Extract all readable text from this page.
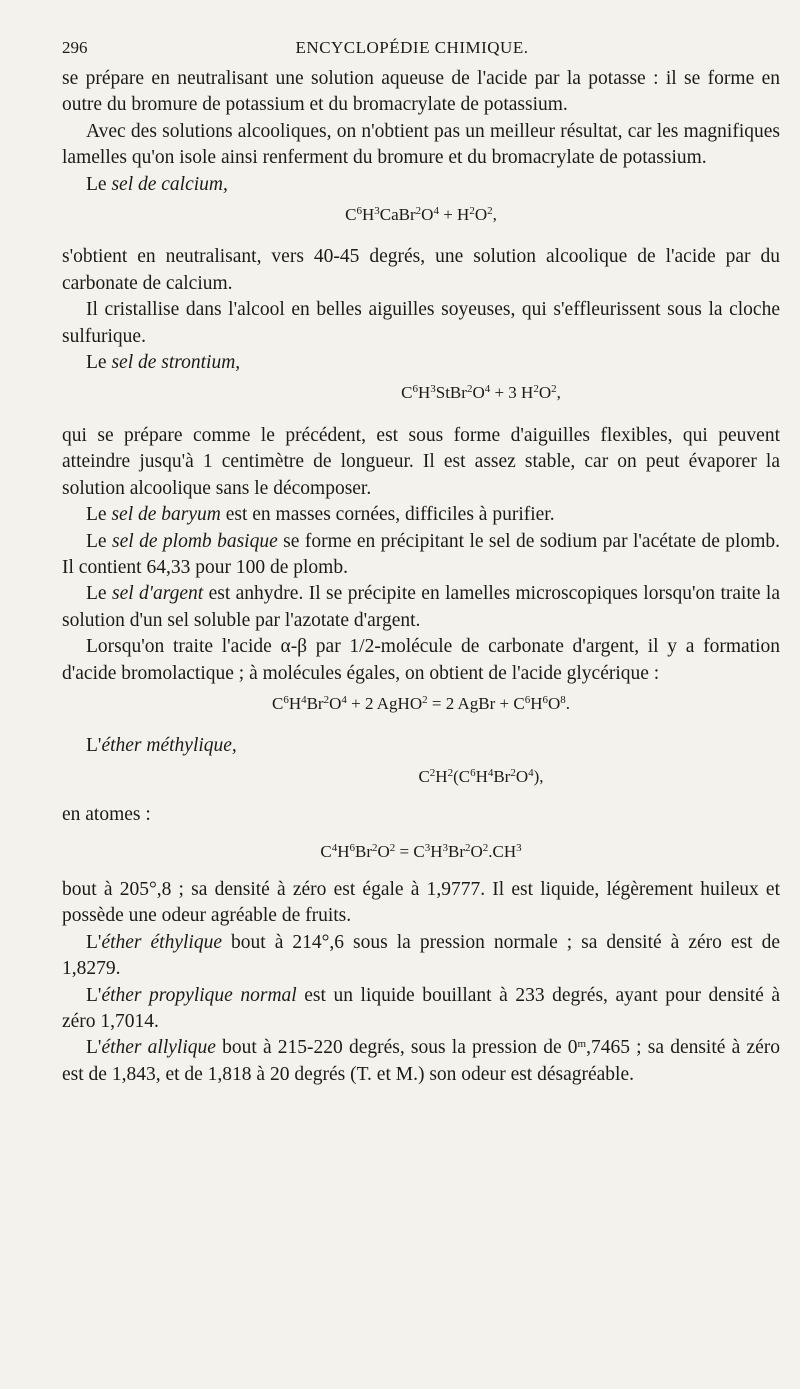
296	ENCYCLOPÉDIE CHIMIQUE.

se prépare en neutralisant une solution aqueuse de l'acide par la potasse : il se forme en outre du bromure de potassium et du bromacrylate de potassium.

Avec des solutions alcooliques, on n'obtient pas un meilleur résultat, car les magnifiques lamelles qu'on isole ainsi renferment du bromure et du bromacrylate de potassium.

Le sel de calcium,

$C^6H^3CaBr^2O^4 + H^2O^2$,

s'obtient en neutralisant, vers 40-45 degrés, une solution alcoolique de l'acide par du carbonate de calcium.

Il cristallise dans l'alcool en belles aiguilles soyeuses, qui s'effleurissent sous la cloche sulfurique.

Le sel de strontium,

$C^6H^3StBr^2O^4 + 3$ $H^2O^2$,

qui se prépare comme le précédent, est sous forme d'aiguilles flexibles, qui peuvent atteindre jusqu'à 1 centimètre de longueur. Il est assez stable, car on peut évaporer la solution alcoolique sans le décomposer.

Le sel de baryum est en masses cornées, difficiles à purifier.

Le sel de plomb basique se forme en précipitant le sel de sodium par l'acétate de plomb. Il contient 64,33 pour 100 de plomb.

Le sel d'argent est anhydre. Il se précipite en lamelles microscopiques lorsqu'on traite la solution d'un sel soluble par l'azotate d'argent.

Lorsqu'on traite l'acide α-β par 1/2-molécule de carbonate d'argent, il y a formation d'acide bromolactique ; à molécules égales, on obtient de l'acide glycérique :

$C^6H^4Br^2O^4 + 2$ AgHO$^2$ = 2 AgBr + $C^6H^6O^8$.

L'éther méthylique,

$C^2H^2(C^6H^4Br^2O^4)$,

en atomes :

$C^4H^6Br^2O^2 = C^3H^3Br^2O^2.CH^3$

bout à 205°,8 ; sa densité à zéro est égale à 1,9777. Il est liquide, légèrement huileux et possède une odeur agréable de fruits.

L'éther éthylique bout à 214°,6 sous la pression normale ; sa densité à zéro est de 1,8279.

L'éther propylique normal est un liquide bouillant à 233 degrés, ayant pour densité à zéro 1,7014.

L'éther allylique bout à 215-220 degrés, sous la pression de 0$^m$,7465 ; sa densité à zéro est de 1,843, et de 1,818 à 20 degrés (T. et M.) son odeur est désagréable.
